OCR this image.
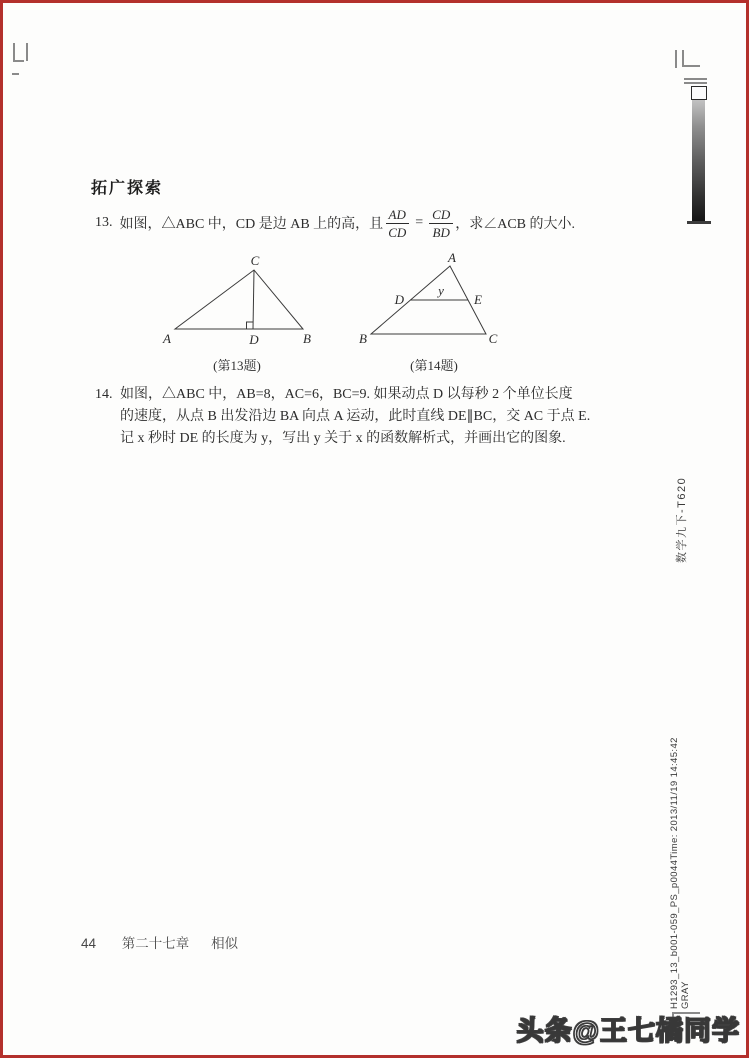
拓广探索
13. 如图，△ABC 中，CD 是边 AB 上的高，且 $\frac{AD}{CD} = \frac{CD}{BD}$ ，求∠ACB 的大小.
A	B
C
D
A
B	C
D	E
y
(第13题)	(第14题)
14. 如图，△ABC 中，AB=8，AC=6，BC=9. 如果动点 D 以每秒 2 个单位长度
的速度，从点 B 出发沿边 BA 向点 A 运动，此时直线 DE∥BC，交 AC 于点 E.
记 x 秒时 DE 的长度为 y，写出 y 关于 x 的函数解析式，并画出它的图象.
44 第二十七章 相似
数学九下-T620
H1293_13_b001-059_PS_p0044Time: 2013/11/19 14:45:42 GRAY
头条@王七橘同学
